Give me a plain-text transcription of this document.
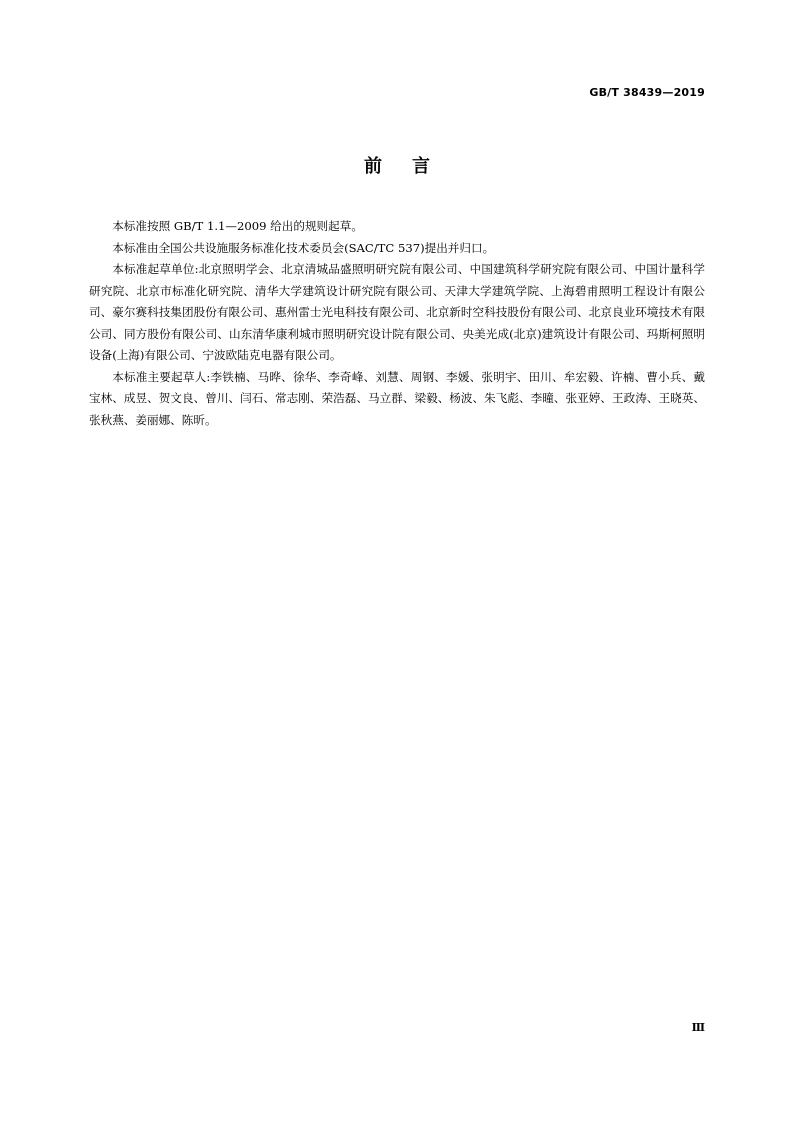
GB/T 38439—2019
前言

本标准按照 GB/T 1.1—2009 给出的规则起草。

本标准由全国公共设施服务标准化技术委员会(SAC/TC 537)提出并归口。

本标准起草单位:北京照明学会、北京清城品盛照明研究院有限公司、中国建筑科学研究院有限公司、中国计量科学研究院、北京市标准化研究院、清华大学建筑设计研究院有限公司、天津大学建筑学院、上海碧甫照明工程设计有限公司、豪尔赛科技集团股份有限公司、惠州雷士光电科技有限公司、北京新时空科技股份有限公司、北京良业环境技术有限公司、同方股份有限公司、山东清华康利城市照明研究设计院有限公司、央美光成(北京)建筑设计有限公司、玛斯柯照明设备(上海)有限公司、宁波欧陆克电器有限公司。

本标准主要起草人:李铁楠、马晔、徐华、李奇峰、刘慧、周钢、李媛、张明宇、田川、牟宏毅、许楠、曹小兵、戴宝林、成昱、贺文良、曾川、闫石、常志刚、荣浩磊、马立群、梁毅、杨波、朱飞彪、李曈、张亚婷、王政涛、王晓英、张秋燕、姜丽娜、陈昕。

Ⅲ
